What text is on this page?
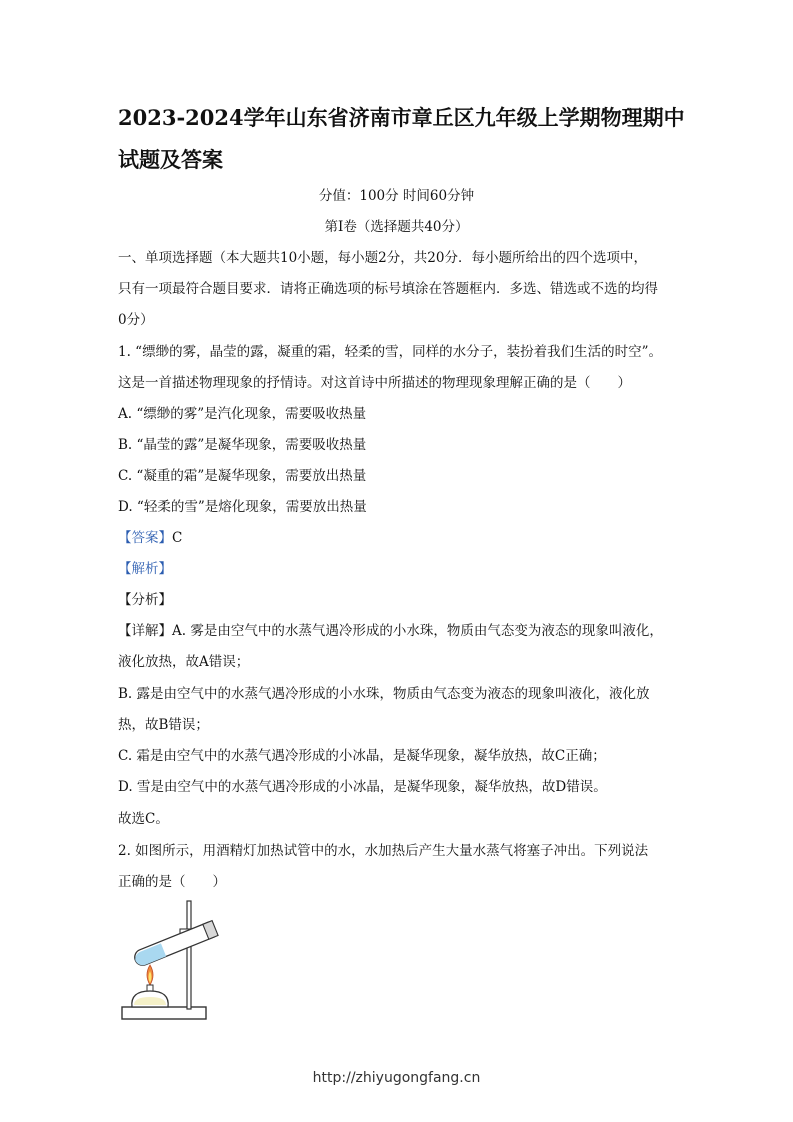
2023-2024学年山东省济南市章丘区九年级上学期物理期中
试题及答案
分值：100分 时间60分钟
第Ⅰ卷（选择题共40分）
一、单项选择题（本大题共10小题，每小题2分，共20分．每小题所给出的四个选项中，
只有一项最符合题目要求．请将正确选项的标号填涂在答题框内．多选、错选或不选的均得
0分）
1. “缥缈的雾，晶莹的露，凝重的霜，轻柔的雪，同样的水分子，装扮着我们生活的时空”。
这是一首描述物理现象的抒情诗。对这首诗中所描述的物理现象理解正确的是（　　）
A. “缥缈的雾”是汽化现象，需要吸收热量
B. “晶莹的露”是凝华现象，需要吸收热量
C. “凝重的霜”是凝华现象，需要放出热量
D. “轻柔的雪”是熔化现象，需要放出热量
【答案】C
【解析】
【分析】
【详解】A. 雾是由空气中的水蒸气遇冷形成的小水珠，物质由气态变为液态的现象叫液化，
液化放热，故A错误；
B. 露是由空气中的水蒸气遇冷形成的小水珠，物质由气态变为液态的现象叫液化，液化放
热，故B错误；
C. 霜是由空气中的水蒸气遇冷形成的小冰晶，是凝华现象，凝华放热，故C正确；
D. 雪是由空气中的水蒸气遇冷形成的小冰晶，是凝华现象，凝华放热，故D错误。
故选C。
2. 如图所示，用酒精灯加热试管中的水，水加热后产生大量水蒸气将塞子冲出。下列说法
正确的是（　　）
http://zhiyugongfang.cn
